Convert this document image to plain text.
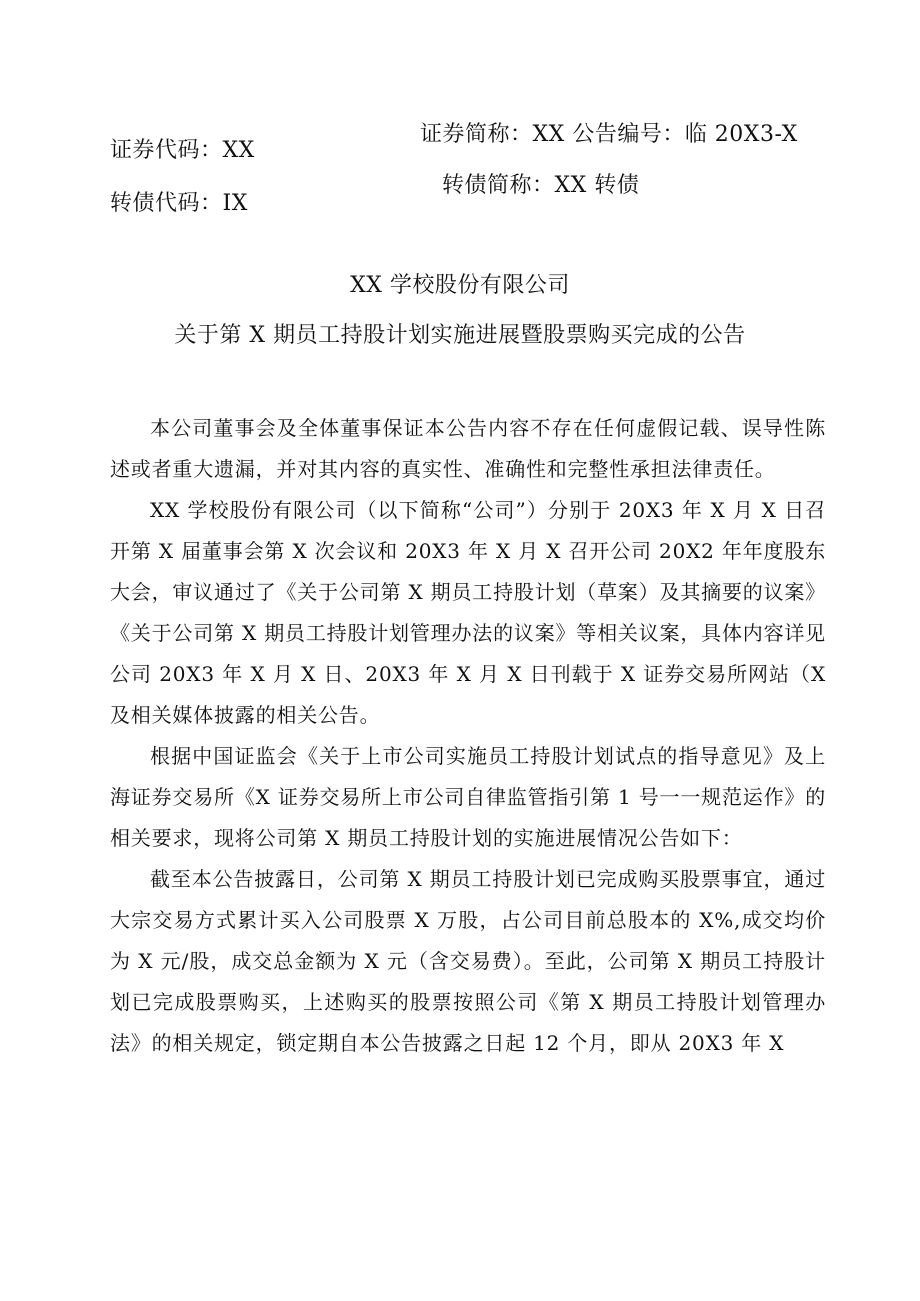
证券代码：XX
证券简称：XX 公告编号：临 20X3-X
转债代码：IX
转债简称：XX 转债
XX 学校股份有限公司
关于第 X 期员工持股计划实施进展暨股票购买完成的公告

本公司董事会及全体董事保证本公告内容不存在任何虚假记载、误导性陈述或者重大遗漏，并对其内容的真实性、准确性和完整性承担法律责任。

XX 学校股份有限公司（以下简称“公司”）分别于 20X3 年 X 月 X 日召开第 X 届董事会第 X 次会议和 20X3 年 X 月 X 召开公司 20X2 年年度股东大会，审议通过了《关于公司第 X 期员工持股计划（草案）及其摘要的议案》《关于公司第 X 期员工持股计划管理办法的议案》等相关议案，具体内容详见公司 20X3 年 X 月 X 日、20X3 年 X 月 X 日刊载于 X 证券交易所网站（X 及相关媒体披露的相关公告。

根据中国证监会《关于上市公司实施员工持股计划试点的指导意见》及上海证券交易所《X 证券交易所上市公司自律监管指引第 1 号一一规范运作》的相关要求，现将公司第 X 期员工持股计划的实施进展情况公告如下：

截至本公告披露日，公司第 X 期员工持股计划已完成购买股票事宜，通过大宗交易方式累计买入公司股票 X 万股，占公司目前总股本的 X%,成交均价为 X 元/股，成交总金额为 X 元（含交易费）。至此，公司第 X 期员工持股计划已完成股票购买，上述购买的股票按照公司《第 X 期员工持股计划管理办法》的相关规定，锁定期自本公告披露之日起 12 个月，即从 20X3 年 X
